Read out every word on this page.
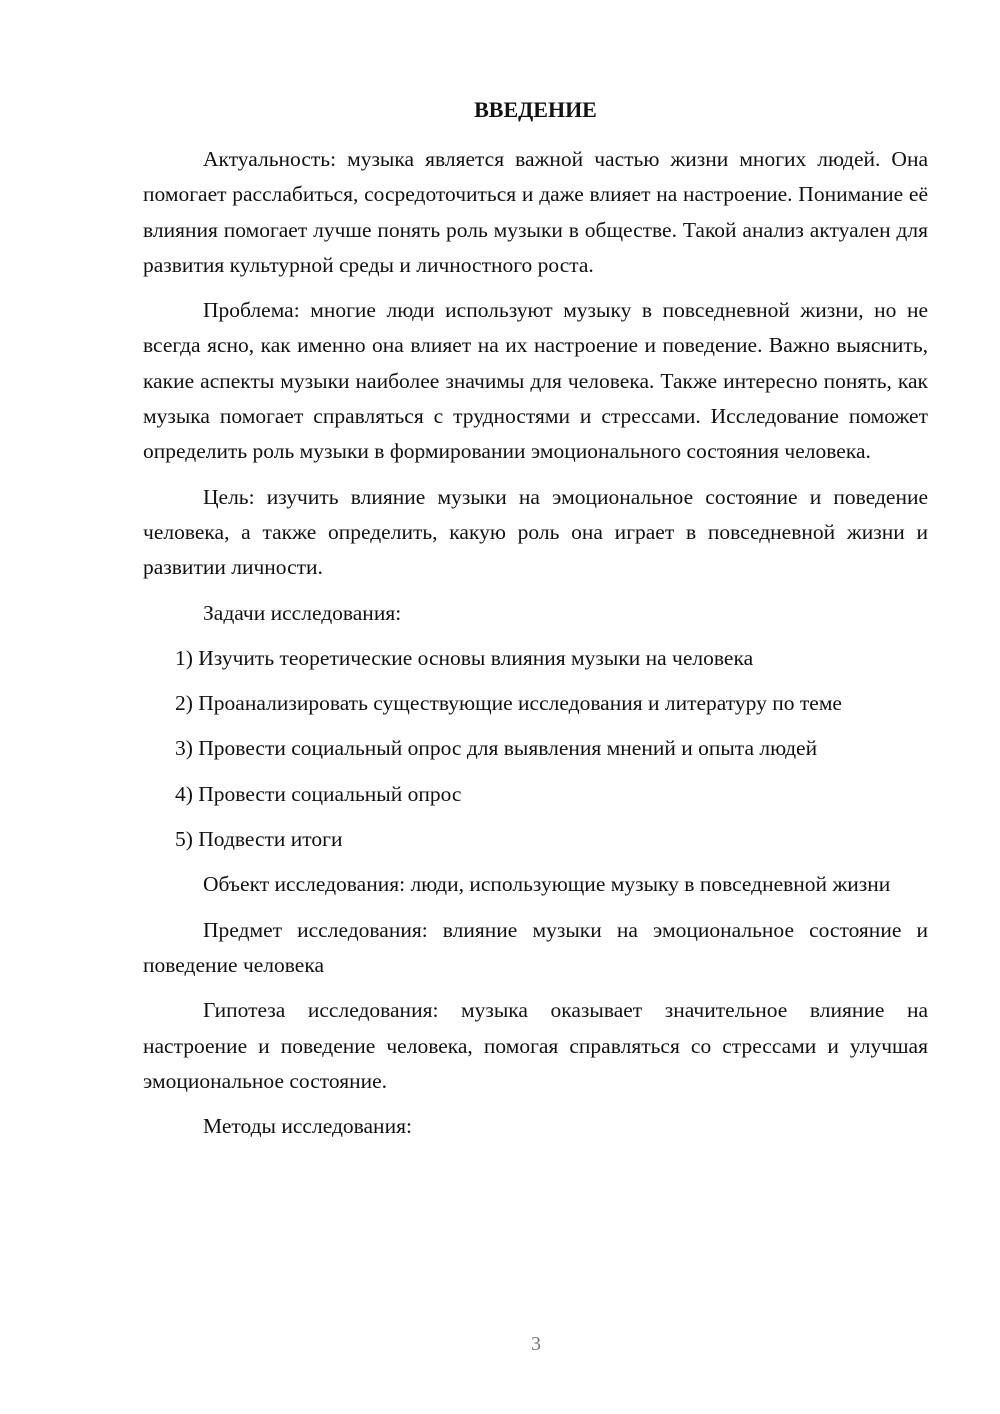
ВВЕДЕНИЕ

Актуальность: музыка является важной частью жизни многих людей. Она помогает расслабиться, сосредоточиться и даже влияет на настроение. Понимание её влияния помогает лучше понять роль музыки в обществе. Такой анализ актуален для развития культурной среды и личностного роста.

Проблема: многие люди используют музыку в повседневной жизни, но не всегда ясно, как именно она влияет на их настроение и поведение. Важно выяснить, какие аспекты музыки наиболее значимы для человека. Также интересно понять, как музыка помогает справляться с трудностями и стрессами. Исследование поможет определить роль музыки в формировании эмоционального состояния человека.

Цель: изучить влияние музыки на эмоциональное состояние и поведение человека, а также определить, какую роль она играет в повседневной жизни и развитии личности.

Задачи исследования:

1) Изучить теоретические основы влияния музыки на человека

2) Проанализировать существующие исследования и литературу по теме

3) Провести социальный опрос для выявления мнений и опыта людей

4) Провести социальный опрос

5) Подвести итоги

Объект исследования: люди, использующие музыку в повседневной жизни

Предмет исследования: влияние музыки на эмоциональное состояние и поведение человека

Гипотеза исследования: музыка оказывает значительное влияние на настроение и поведение человека, помогая справляться со стрессами и улучшая эмоциональное состояние.

Методы исследования:

3
